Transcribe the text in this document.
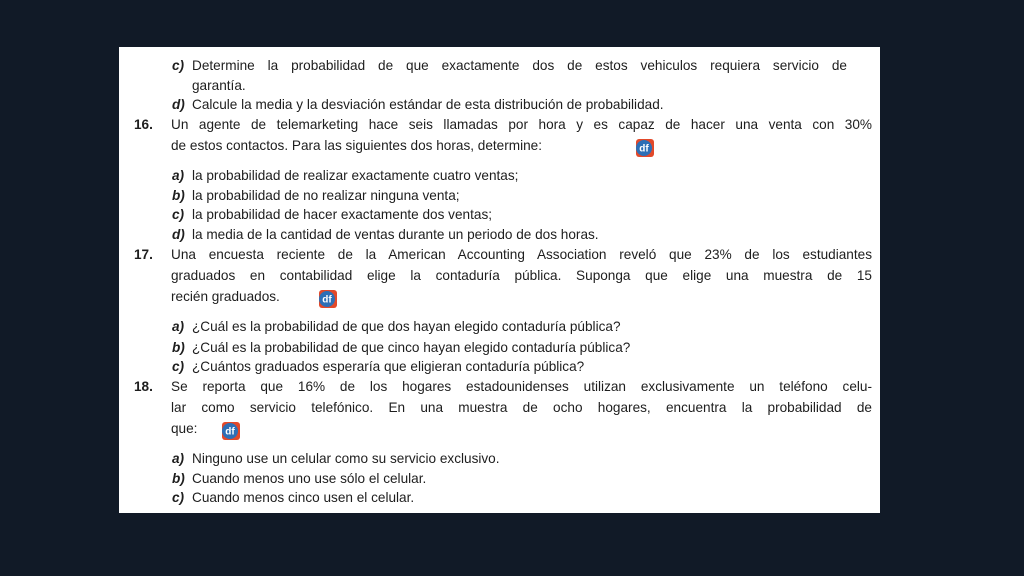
c) Determine la probabilidad de que exactamente dos de estos vehiculos requiera servicio de
garantía.
d) Calcule la media y la desviación estándar de esta distribución de probabilidad.
16. Un agente de telemarketing hace seis llamadas por hora y es capaz de hacer una venta con 30%
de estos contactos. Para las siguientes dos horas, determine:	df
a) la probabilidad de realizar exactamente cuatro ventas;
b) la probabilidad de no realizar ninguna venta;
c) la probabilidad de hacer exactamente dos ventas;
d) la media de la cantidad de ventas durante un periodo de dos horas.
17. Una encuesta reciente de la American Accounting Association reveló que 23% de los estudiantes
graduados en contabilidad elige la contaduría pública. Suponga que elige una muestra de 15
recién graduados.	df
a) ¿Cuál es la probabilidad de que dos hayan elegido contaduría pública?
b) ¿Cuál es la probabilidad de que cinco hayan elegido contaduría pública?
c) ¿Cuántos graduados esperaría que eligieran contaduría pública?
18. Se reporta que 16% de los hogares estadounidenses utilizan exclusivamente un teléfono celu-
lar como servicio telefónico. En una muestra de ocho hogares, encuentra la probabilidad de
que:	df
a) Ninguno use un celular como su servicio exclusivo.
b) Cuando menos uno use sólo el celular.
c) Cuando menos cinco usen el celular.
